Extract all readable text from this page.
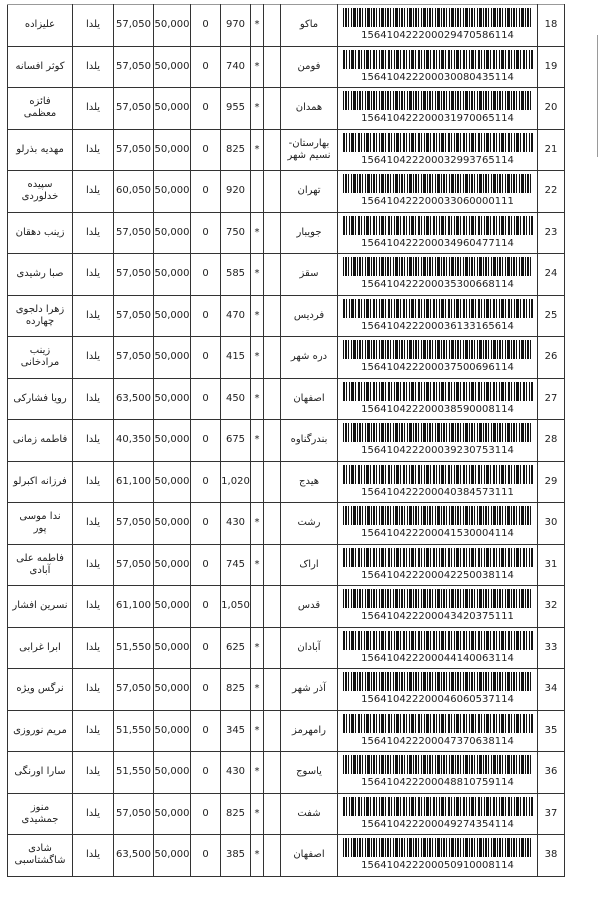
علیزاده	یلدا	57,050	50,000	0	970	*		ماکو	156410422200029470586114	18
کوثر افسانه	یلدا	57,050	50,000	0	740	*		فومن	156410422200030080435114	19
فائزه معظمی	یلدا	57,050	50,000	0	955	*		همدان	156410422200031970065114	20
مهدیه بذرلو	یلدا	57,050	50,000	0	825	*		بهارستان- نسیم شهر	156410422200032993765114	21
سپیده خدلوردی	یلدا	60,050	50,000	0	920			تهران	156410422200033060000111	22
زینب دهقان	یلدا	57,050	50,000	0	750	*		جویبار	156410422200034960477114	23
صبا رشیدی	یلدا	57,050	50,000	0	585	*		سقز	156410422200035300668114	24
زهرا دلجوی چهارده	یلدا	57,050	50,000	0	470	*		فردیس	156410422200036133165614	25
زینب مرادخانی	یلدا	57,050	50,000	0	415	*		دره شهر	156410422200037500696114	26
رویا فشارکی	یلدا	63,500	50,000	0	450	*		اصفهان	156410422200038590008114	27
فاطمه زمانی	یلدا	40,350	50,000	0	675	*		بندرگناوه	156410422200039230753114	28
فرزانه اکبرلو	یلدا	61,100	50,000	0	1,020			هیدج	156410422200040384573111	29
ندا موسی پور	یلدا	57,050	50,000	0	430	*		رشت	156410422200041530004114	30
فاطمه علی آبادی	یلدا	57,050	50,000	0	745	*		اراک	156410422200042250038114	31
نسرین افشار	یلدا	61,100	50,000	0	1,050			قدس	156410422200043420375111	32
ابرا غرابی	یلدا	51,550	50,000	0	625	*		آبادان	156410422200044140063114	33
نرگس ویژه	یلدا	57,050	50,000	0	825	*		آذر شهر	156410422200046060537114	34
مریم نوروزی	یلدا	51,550	50,000	0	345	*		رامهرمز	156410422200047370638114	35
سارا اورنگی	یلدا	51,550	50,000	0	430	*		یاسوج	156410422200048810759114	36
منوز جمشیدی	یلدا	57,050	50,000	0	825	*		شفت	156410422200049274354114	37
شادی شاگشتاسبی	یلدا	63,500	50,000	0	385	*		اصفهان	156410422200050910008114	38
